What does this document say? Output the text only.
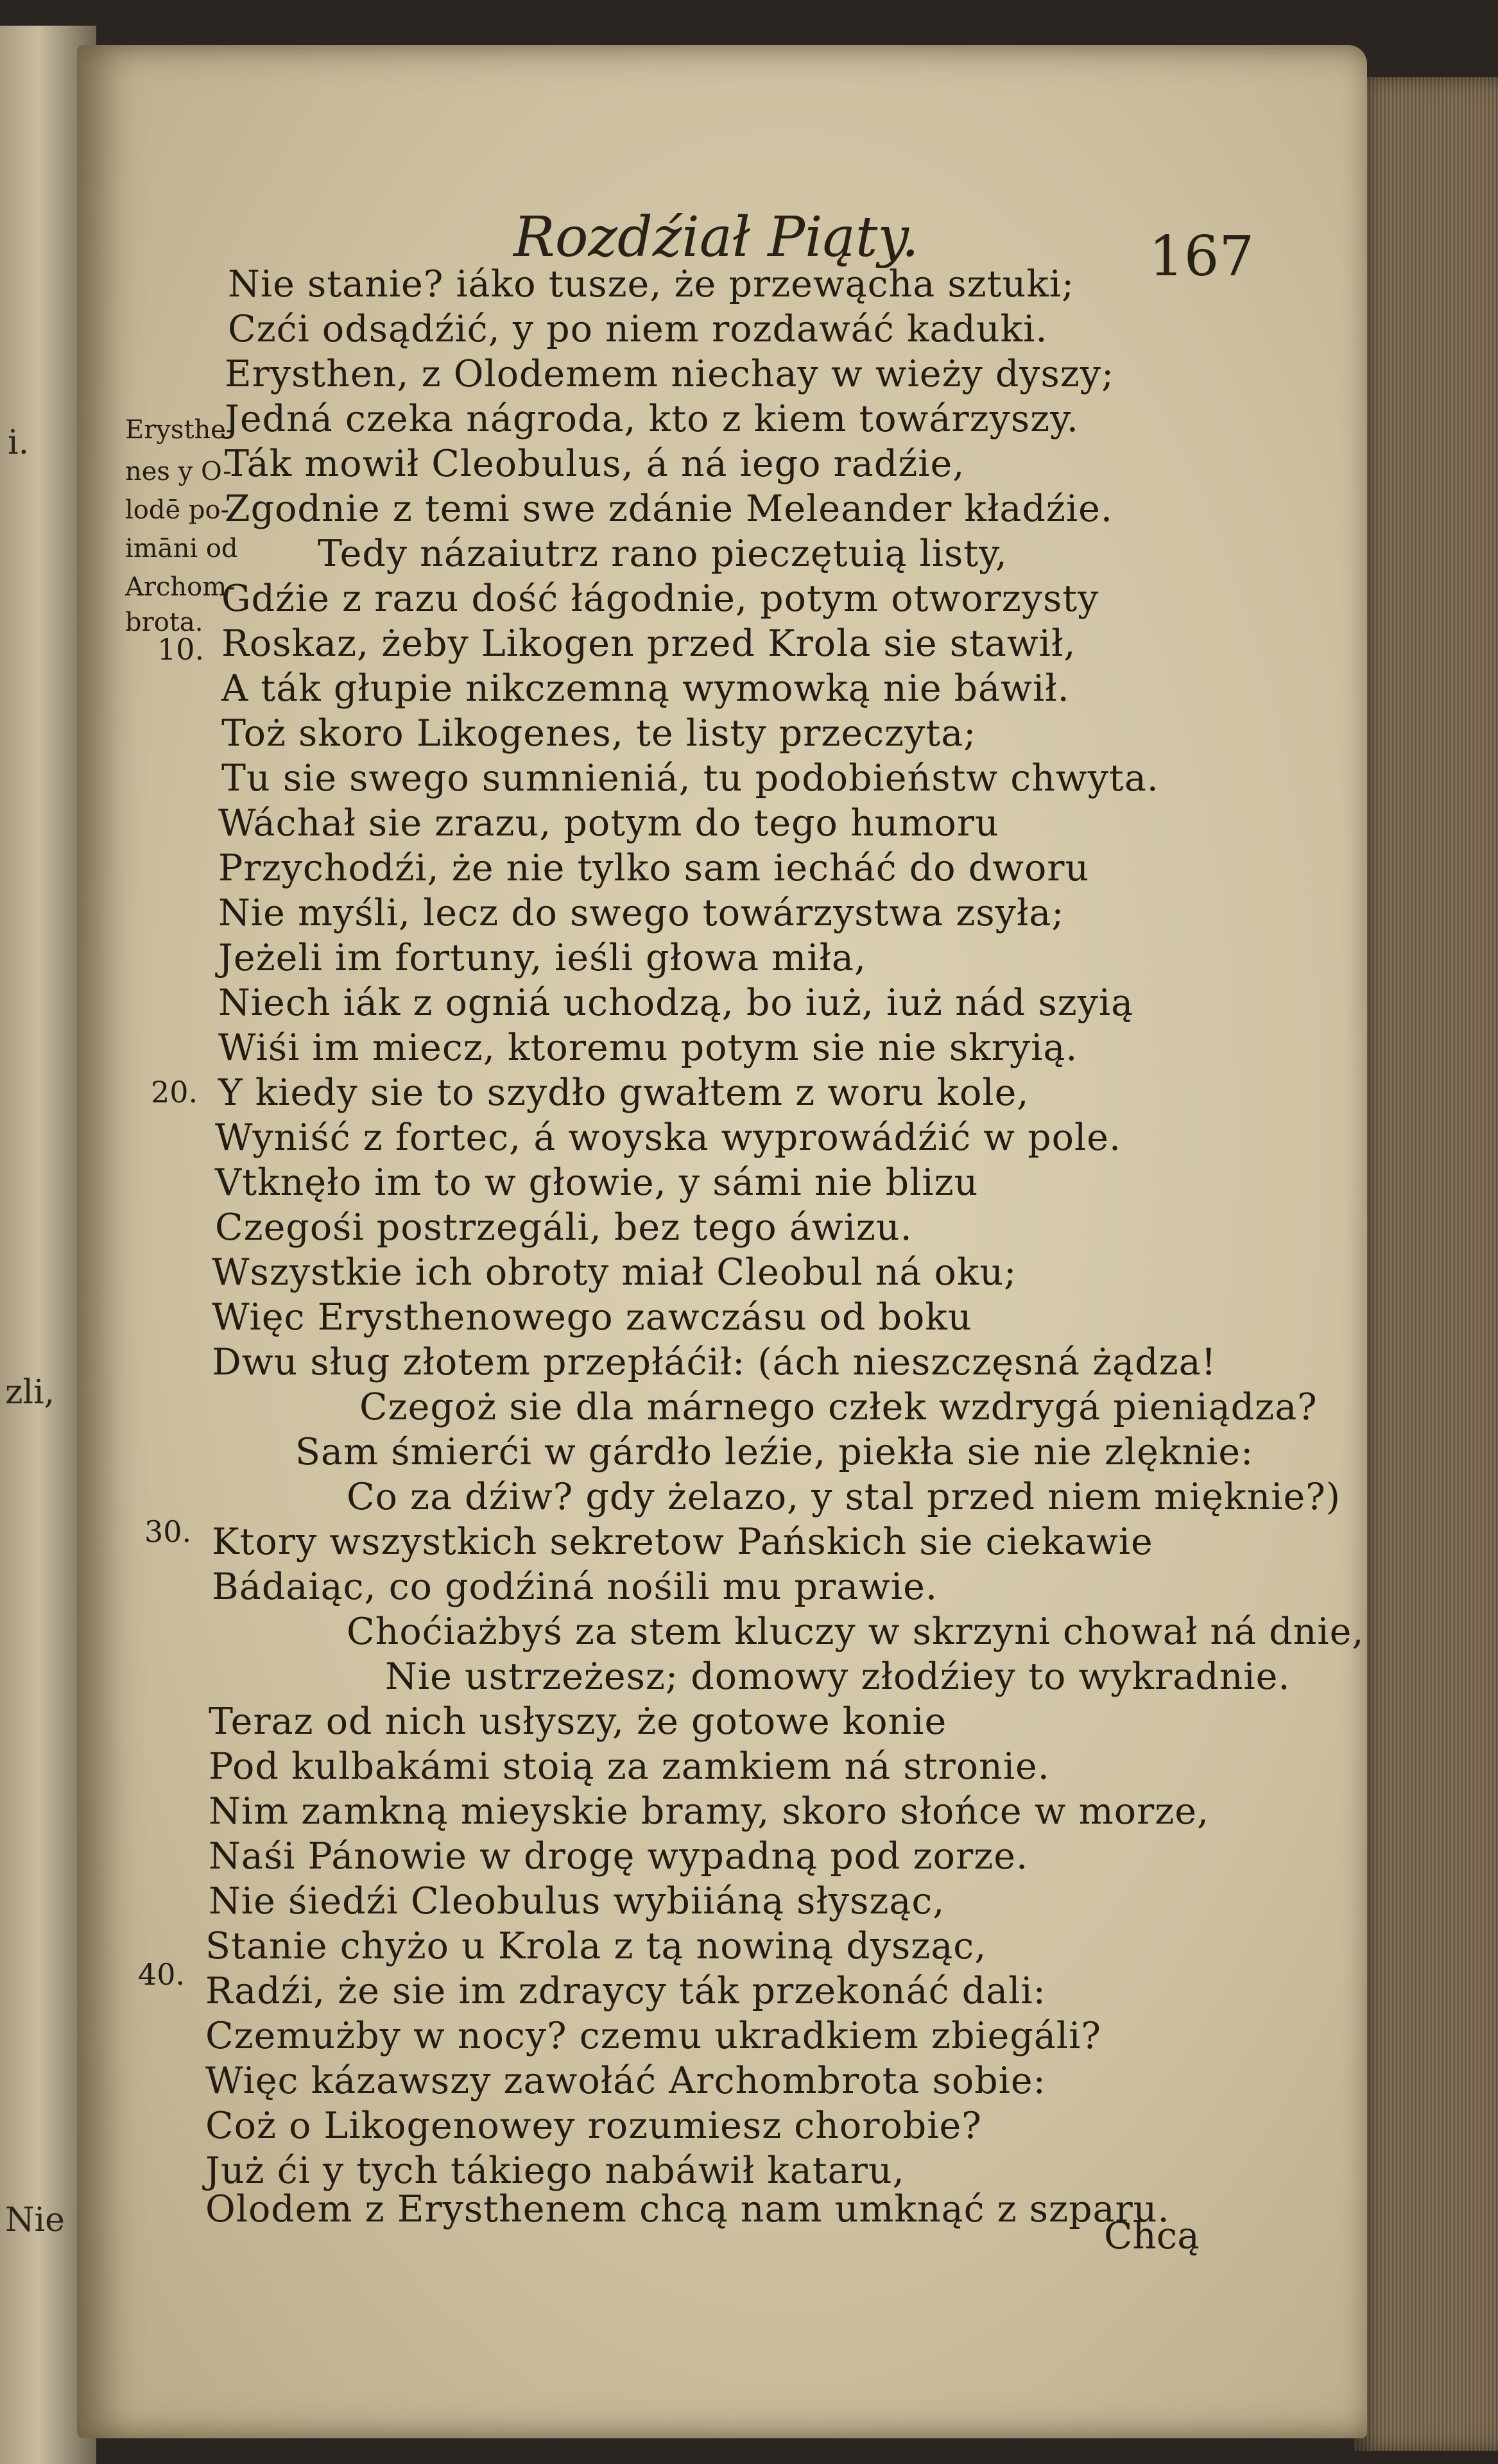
i.
zli,
Nie
Rozdźiał Piąty.	167
Erysthe-
nes y O-
lodē po-
imāni od
Archom-
brota.
10.
20.
30.
40.
Nie stanie? iáko tusze, że przewącha sztuki;
Czći odsądźić, y po niem rozdawáć kaduki.
Erysthen, z Olodemem niechay w wieży dyszy;
Jedná czeka nágroda, kto z kiem towárzyszy.
Ták mowił Cleobulus, á ná iego radźie,
Zgodnie z temi swe zdánie Meleander kładźie.
Tedy názaiutrz rano pieczętuią listy,
Gdźie z razu dość łágodnie, potym otworzysty
Roskaz, żeby Likogen przed Krola sie stawił,
A ták głupie nikczemną wymowką nie báwił.
Toż skoro Likogenes, te listy przeczyta;
Tu sie swego sumnieniá, tu podobieństw chwyta.
Wáchał sie zrazu, potym do tego humoru
Przychodźi, że nie tylko sam iecháć do dworu
Nie myśli, lecz do swego towárzystwa zsyła;
Jeżeli im fortuny, ieśli głowa miła,
Niech iák z ogniá uchodzą, bo iuż, iuż nád szyią
Wiśi im miecz, ktoremu potym sie nie skryią.
Y kiedy sie to szydło gwałtem z woru kole,
Wyniść z fortec, á woyska wyprowádźić w pole.
Vtknęło im to w głowie, y sámi nie blizu
Czegośi postrzegáli, bez tego áwizu.
Wszystkie ich obroty miał Cleobul ná oku;
Więc Erysthenowego zawczásu od boku
Dwu sług złotem przepłáćił: (ách nieszczęsná żądza!
Czegoż sie dla márnego człek wzdrygá pieniądza?
Sam śmierći w gárdło leźie, piekła sie nie zlęknie:
Co za dźiw? gdy żelazo, y stal przed niem mięknie?)
Ktory wszystkich sekretow Pańskich sie ciekawie
Bádaiąc, co godźiná nośili mu prawie.
Choćiażbyś za stem kluczy w skrzyni chował ná dnie,
Nie ustrzeżesz; domowy złodźiey to wykradnie.
Teraz od nich usłyszy, że gotowe konie
Pod kulbakámi stoią za zamkiem ná stronie.
Nim zamkną mieyskie bramy, skoro słońce w morze,
Naśi Pánowie w drogę wypadną pod zorze.
Nie śiedźi Cleobulus wybiiáną słysząc,
Stanie chyżo u Krola z tą nowiną dysząc,
Radźi, że sie im zdraycy ták przekonáć dali:
Czemużby w nocy? czemu ukradkiem zbiegáli?
Więc kázawszy zawołáć Archombrota sobie:
Coż o Likogenowey rozumiesz chorobie?
Już ći y tych tákiego nabáwił kataru,
Olodem z Erysthenem chcą nam umknąć z szparu.
Chcą
